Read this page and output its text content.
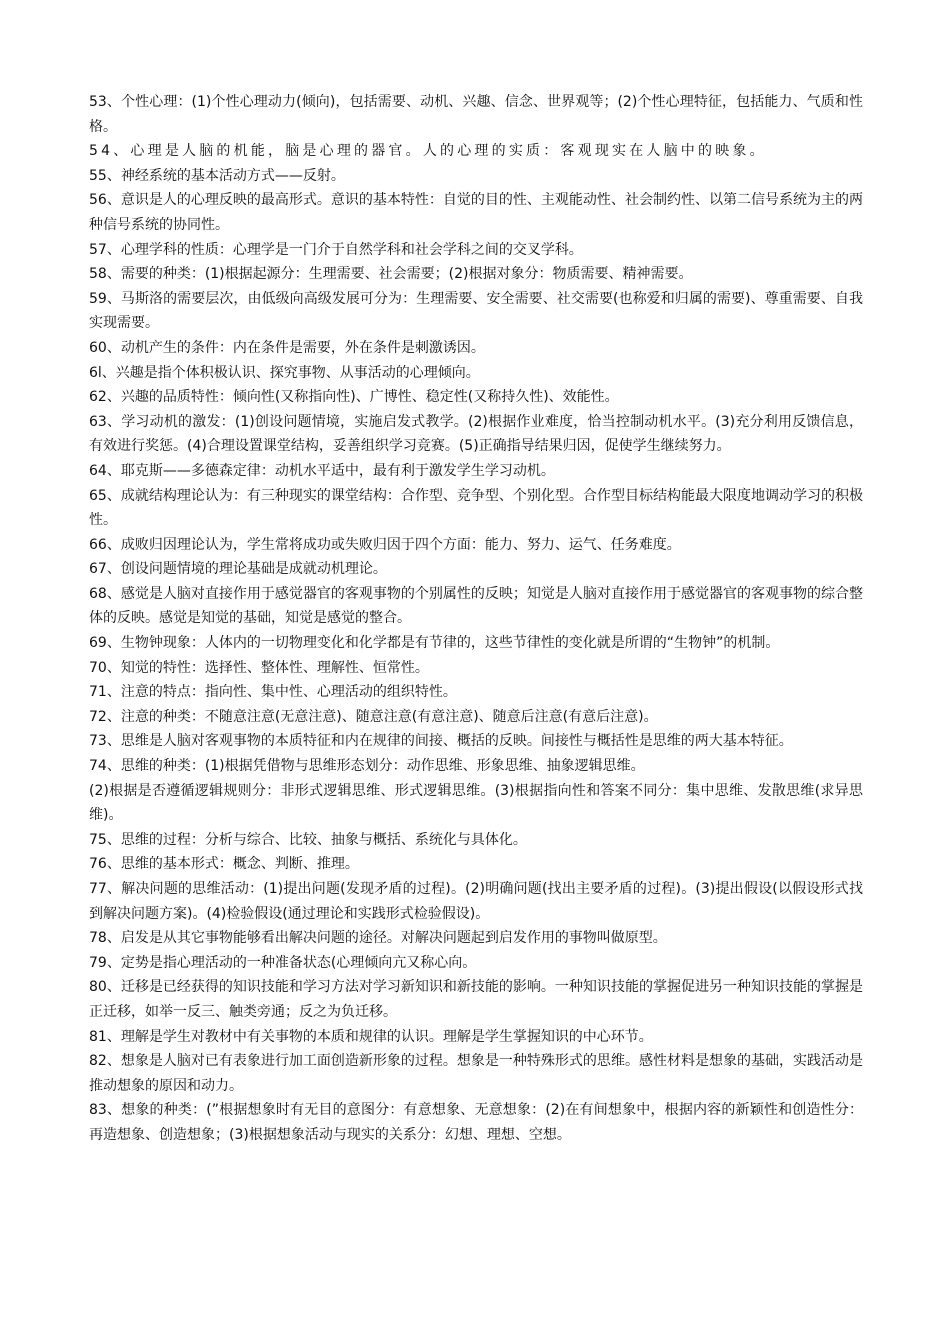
53、个性心理：(1)个性心理动力(倾向)，包括需要、动机、兴趣、信念、世界观等；(2)个性心理特征，包括能力、气质和性格。

54、心理是人脑的机能，脑是心理的器官。人的心理的实质：客观现实在人脑中的映象。

55、神经系统的基本活动方式——反射。

56、意识是人的心理反映的最高形式。意识的基本特性：自觉的目的性、主观能动性、社会制约性、以第二信号系统为主的两种信号系统的协同性。

57、心理学科的性质：心理学是一门介于自然学科和社会学科之间的交叉学科。

58、需要的种类：(1)根据起源分：生理需要、社会需要；(2)根据对象分：物质需要、精神需要。

59、马斯洛的需要层次，由低级向高级发展可分为：生理需要、安全需要、社交需要(也称爱和归属的需要)、尊重需要、自我实现需要。

60、动机产生的条件：内在条件是需要，外在条件是刺激诱因。

6l、兴趣是指个体积极认识、探究事物、从事活动的心理倾向。

62、兴趣的品质特性：倾向性(又称指向性)、广博性、稳定性(又称持久性)、效能性。

63、学习动机的激发：(1)创设问题情境，实施启发式教学。(2)根据作业难度，恰当控制动机水平。(3)充分利用反馈信息，有效进行奖惩。(4)合理设置课堂结构，妥善组织学习竞赛。(5)正确指导结果归因，促使学生继续努力。

64、耶克斯——多德森定律：动机水平适中，最有利于激发学生学习动机。

65、成就结构理论认为：有三种现实的课堂结构：合作型、竞争型、个别化型。合作型目标结构能最大限度地调动学习的积极性。

66、成败归因理论认为，学生常将成功或失败归因于四个方面：能力、努力、运气、任务难度。

67、创设问题情境的理论基础是成就动机理论。

68、感觉是人脑对直接作用于感觉器官的客观事物的个别属性的反映；知觉是人脑对直接作用于感觉器官的客观事物的综合整体的反映。感觉是知觉的基础，知觉是感觉的整合。

69、生物钟现象：人体内的一切物理变化和化学都是有节律的，这些节律性的变化就是所谓的“生物钟”的机制。

70、知觉的特性：选择性、整体性、理解性、恒常性。

71、注意的特点：指向性、集中性、心理活动的组织特性。

72、注意的种类：不随意注意(无意注意)、随意注意(有意注意)、随意后注意(有意后注意)。

73、思维是人脑对客观事物的本质特征和内在规律的间接、概括的反映。间接性与概括性是思维的两大基本特征。

74、思维的种类：(1)根据凭借物与思维形态划分：动作思维、形象思维、抽象逻辑思维。

(2)根据是否遵循逻辑规则分：非形式逻辑思维、形式逻辑思维。(3)根据指向性和答案不同分：集中思维、发散思维(求异思维)。

75、思维的过程：分析与综合、比较、抽象与概括、系统化与具体化。

76、思维的基本形式：概念、判断、推理。

77、解决问题的思维活动：(1)提出问题(发现矛盾的过程)。(2)明确问题(找出主要矛盾的过程)。(3)提出假设(以假设形式找到解决问题方案)。(4)检验假设(通过理论和实践形式检验假设)。

78、启发是从其它事物能够看出解决问题的途径。对解决问题起到启发作用的事物叫做原型。

79、定势是指心理活动的一种准备状态(心理倾向亢又称心向。

80、迁移是已经获得的知识技能和学习方法对学习新知识和新技能的影响。一种知识技能的掌握促进另一种知识技能的掌握是正迁移，如举一反三、触类旁通；反之为负迁移。

81、理解是学生对教材中有关事物的本质和规律的认识。理解是学生掌握知识的中心环节。

82、想象是人脑对已有表象进行加工面创造新形象的过程。想象是一种特殊形式的思维。感性材料是想象的基础，实践活动是推动想象的原因和动力。

83、想象的种类：(”根据想象时有无目的意图分：有意想象、无意想象：(2)在有间想象中，根据内容的新颖性和创造性分：再造想象、创造想象；(3)根据想象活动与现实的关系分：幻想、理想、空想。
